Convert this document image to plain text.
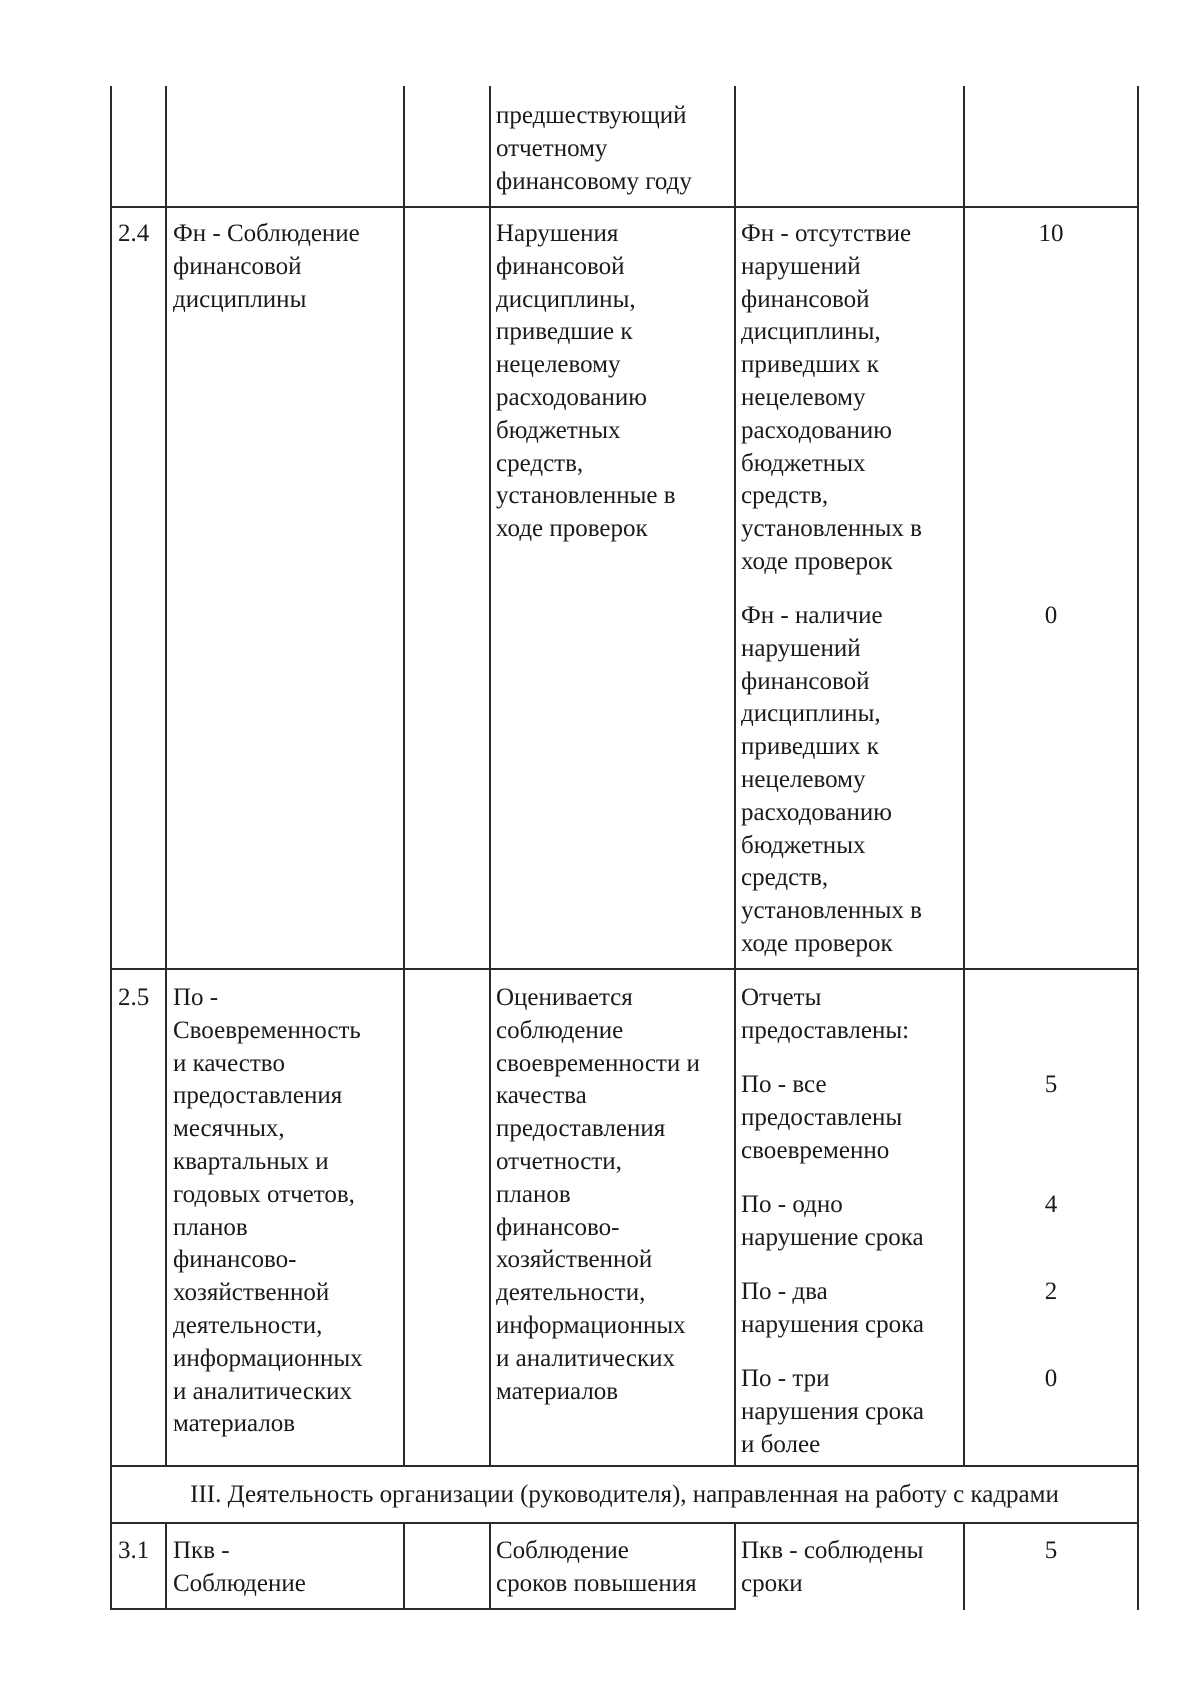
предшествующий
отчетному
финансовому году
2.4 Фн - Соблюдение
финансовой
дисциплины
Нарушения
финансовой
дисциплины,
приведшие к
нецелевому
расходованию
бюджетных
средств,
установленные в
ходе проверок
Фн - отсутствие
нарушений
финансовой
дисциплины,
приведших к
нецелевому
расходованию
бюджетных
средств,
установленных в
ходе проверок
10
Фн - наличие
нарушений
финансовой
дисциплины,
приведших к
нецелевому
расходованию
бюджетных
средств,
установленных в
ходе проверок
0
2.5 По -
Своевременность
и качество
предоставления
месячных,
квартальных и
годовых отчетов,
планов
финансово-
хозяйственной
деятельности,
информационных
и аналитических
материалов
Оценивается
соблюдение
своевременности и
качества
предоставления
отчетности,
планов
финансово-
хозяйственной
деятельности,
информационных
и аналитических
материалов
Отчеты
предоставлены:
По - все
предоставлены
своевременно
5
По - одно
нарушение срока
4
По - два
нарушения срока
2
По - три
нарушения срока
и более
0
III. Деятельность организации (руководителя), направленная на работу с кадрами
3.1 Пкв -
Соблюдение
Соблюдение
сроков повышения
Пкв - соблюдены
сроки
5
